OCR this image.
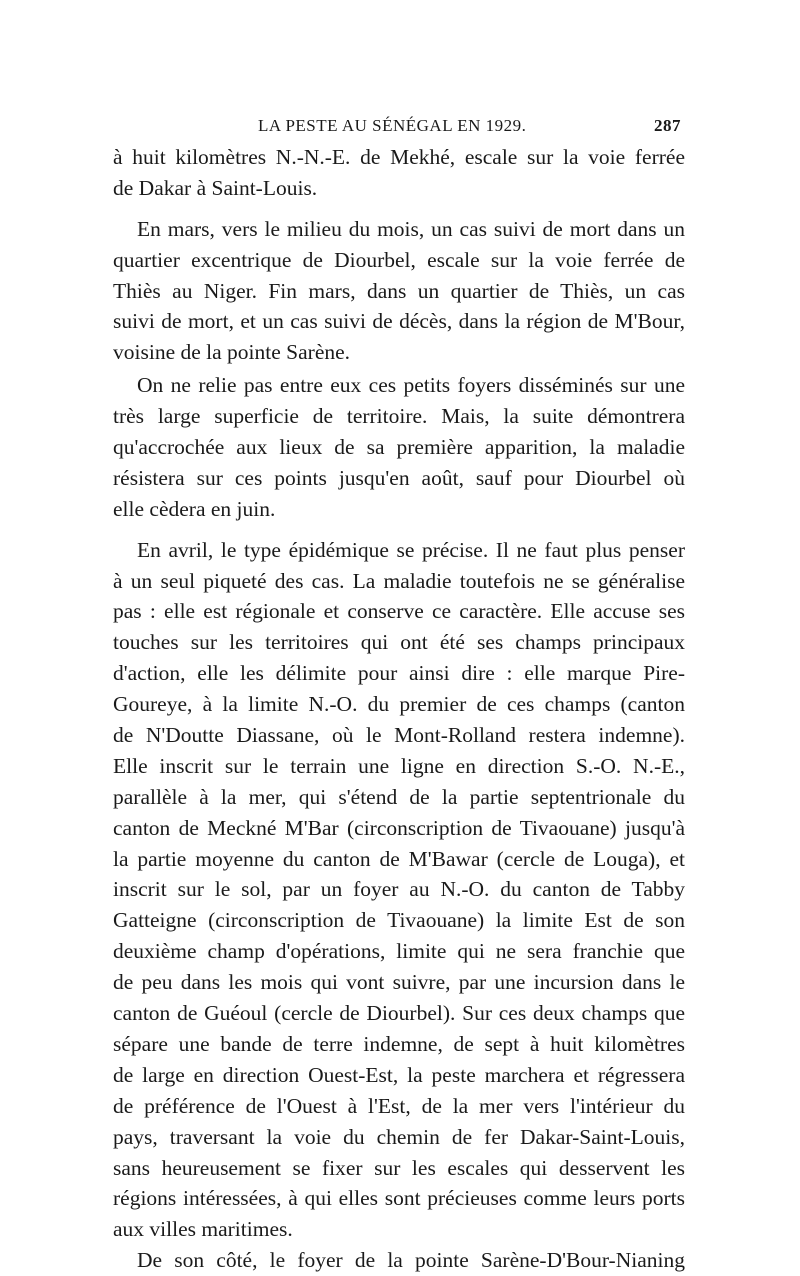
LA PESTE AU SÉNÉGAL EN 1929.	287

à huit kilomètres N.-N.-E. de Mekhé, escale sur la voie ferrée
de Dakar à Saint-Louis.

En mars, vers le milieu du mois, un cas suivi de mort dans un
quartier excentrique de Diourbel, escale sur la voie ferrée de
Thiès au Niger. Fin mars, dans un quartier de Thiès, un cas
suivi de mort, et un cas suivi de décès, dans la région de M'Bour,
voisine de la pointe Sarène.

On ne relie pas entre eux ces petits foyers disséminés sur une
très large superficie de territoire. Mais, la suite démontrera
qu'accrochée aux lieux de sa première apparition, la maladie
résistera sur ces points jusqu'en août, sauf pour Diourbel où
elle cèdera en juin.

En avril, le type épidémique se précise. Il ne faut plus penser
à un seul piqueté des cas. La maladie toutefois ne se généralise
pas : elle est régionale et conserve ce caractère. Elle accuse ses
touches sur les territoires qui ont été ses champs principaux
d'action, elle les délimite pour ainsi dire : elle marque Pire-
Goureye, à la limite N.-O. du premier de ces champs (canton
de N'Doutte Diassane, où le Mont-Rolland restera indemne).
Elle inscrit sur le terrain une ligne en direction S.-O. N.-E.,
parallèle à la mer, qui s'étend de la partie septentrionale du
canton de Meckné M'Bar (circonscription de Tivaouane) jusqu'à
la partie moyenne du canton de M'Bawar (cercle de Louga), et
inscrit sur le sol, par un foyer au N.-O. du canton de Tabby
Gatteigne (circonscription de Tivaouane) la limite Est de son
deuxième champ d'opérations, limite qui ne sera franchie que
de peu dans les mois qui vont suivre, par une incursion dans le
canton de Guéoul (cercle de Diourbel). Sur ces deux champs que
sépare une bande de terre indemne, de sept à huit kilomètres
de large en direction Ouest-Est, la peste marchera et régressera
de préférence de l'Ouest à l'Est, de la mer vers l'intérieur du
pays, traversant la voie du chemin de fer Dakar-Saint-Louis,
sans heureusement se fixer sur les escales qui desservent les
régions intéressées, à qui elles sont précieuses comme leurs ports
aux villes maritimes.

De son côté, le foyer de la pointe Sarène-D'Bour-Nianing
